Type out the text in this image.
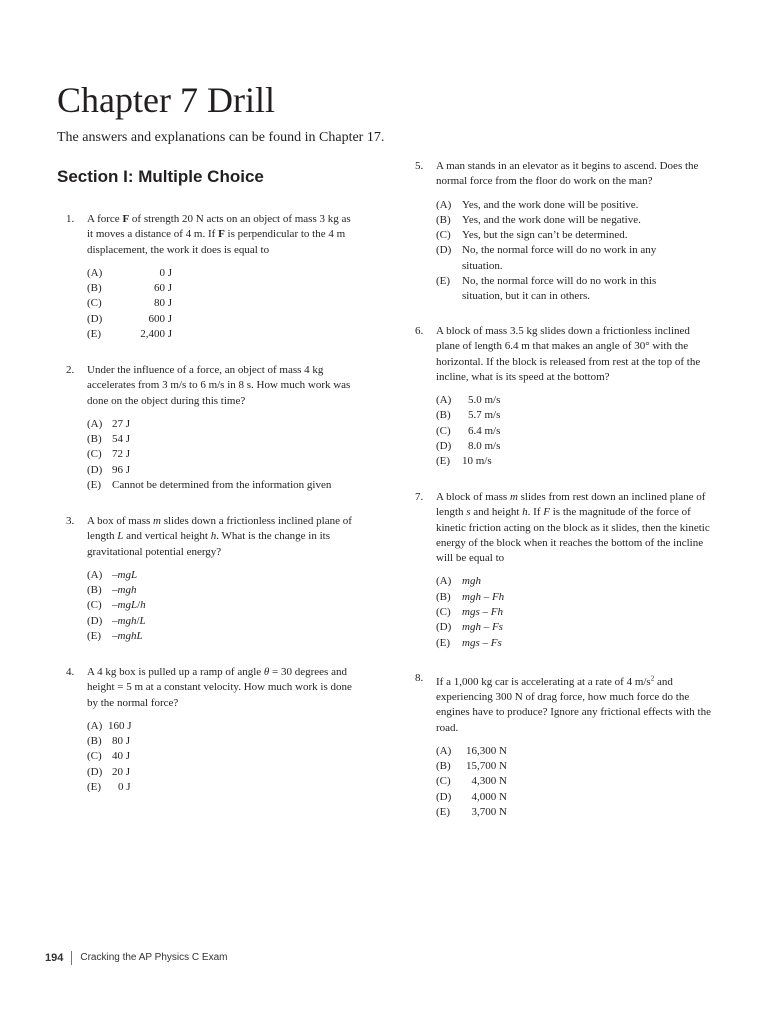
Chapter 7 Drill

The answers and explanations can be found in Chapter 17.

Section I: Multiple Choice

1. A force F of strength 20 N acts on an object of mass 3 kg as it moves a distance of 4 m. If F is perpendicular to the 4 m displacement, the work it does is equal to

(A)	0 J
(B)	60 J
(C)	80 J
(D)	600 J
(E)	2,400 J

2. Under the influence of a force, an object of mass 4 kg accelerates from 3 m/s to 6 m/s in 8 s. How much work was done on the object during this time?

(A) 27 J
(B) 54 J
(C) 72 J
(D) 96 J
(E) Cannot be determined from the information given

3. A box of mass m slides down a frictionless inclined plane of length L and vertical height h. What is the change in its gravitational potential energy?

(A) –mgL
(B) –mgh
(C) –mgL/h
(D) –mgh/L
(E) –mghL

4. A 4 kg box is pulled up a ramp of angle θ = 30 degrees and height = 5 m at a constant velocity. How much work is done by the normal force?

(A) 160 J
(B) 80 J
(C) 40 J
(D) 20 J
(E) 0 J

5. A man stands in an elevator as it begins to ascend. Does the normal force from the floor do work on the man?

(A) Yes, and the work done will be positive.
(B) Yes, and the work done will be negative.
(C) Yes, but the sign can’t be determined.
(D) No, the normal force will do no work in any situation.
(E) No, the normal force will do no work in this situation, but it can in others.

6. A block of mass 3.5 kg slides down a frictionless inclined plane of length 6.4 m that makes an angle of 30° with the horizontal. If the block is released from rest at the top of the incline, what is its speed at the bottom?

(A) 5.0 m/s
(B) 5.7 m/s
(C) 6.4 m/s
(D) 8.0 m/s
(E) 10 m/s

7. A block of mass m slides from rest down an inclined plane of length s and height h. If F is the magnitude of the force of kinetic friction acting on the block as it slides, then the kinetic energy of the block when it reaches the bottom of the incline will be equal to

(A) mgh
(B) mgh – Fh
(C) mgs – Fh
(D) mgh – Fs
(E) mgs – Fs

8. If a 1,000 kg car is accelerating at a rate of 4 $m/s^2$ and experiencing 300 N of drag force, how much force do the engines have to produce? Ignore any frictional effects with the road.

(A)	16,300 N
(B)	15,700 N
(C)	4,300 N
(D)	4,000 N
(E)	3,700 N
194 Cracking the AP Physics C Exam
